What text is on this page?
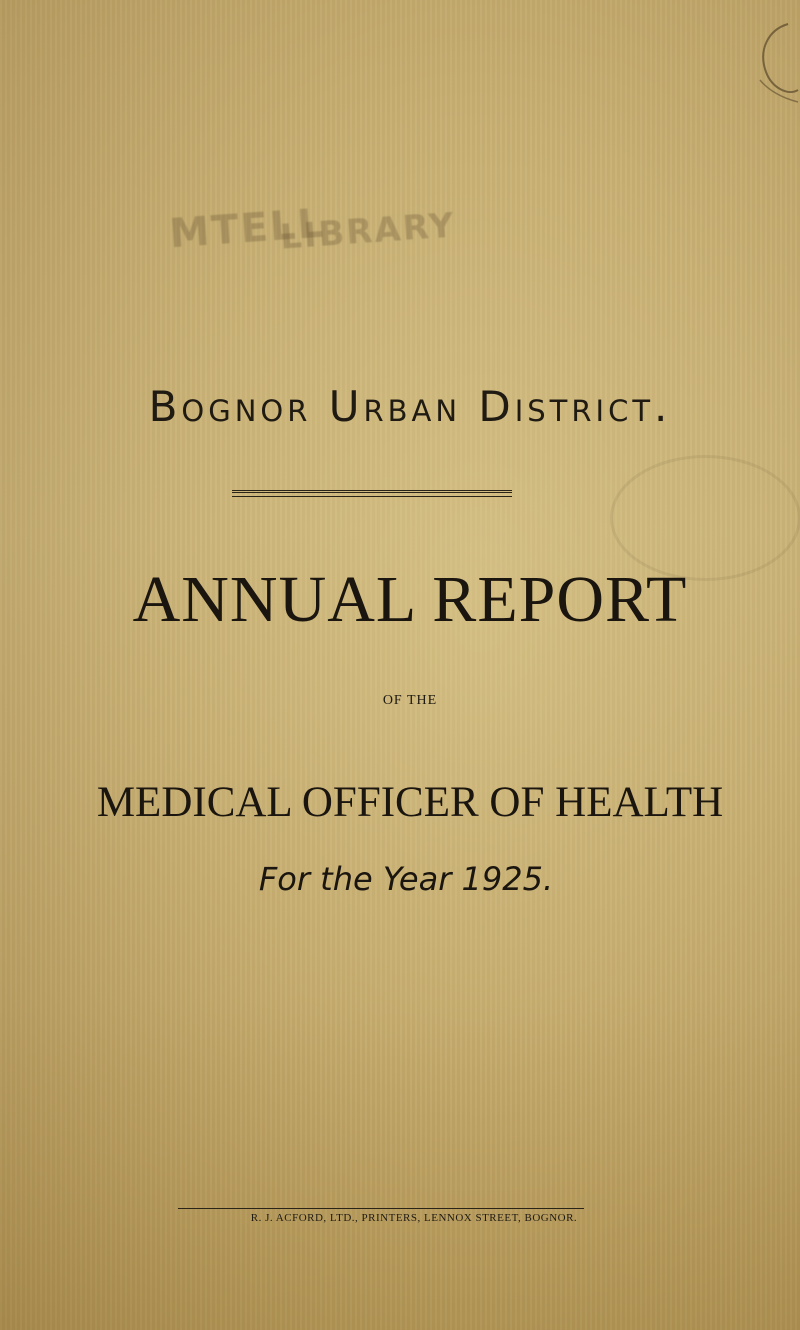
MTELL
LIBRARY
Bognor Urban District.
ANNUAL REPORT
OF THE
MEDICAL OFFICER OF HEALTH
For the Year 1925.
R. J. ACFORD, LTD., PRINTERS, LENNOX STREET, BOGNOR.
